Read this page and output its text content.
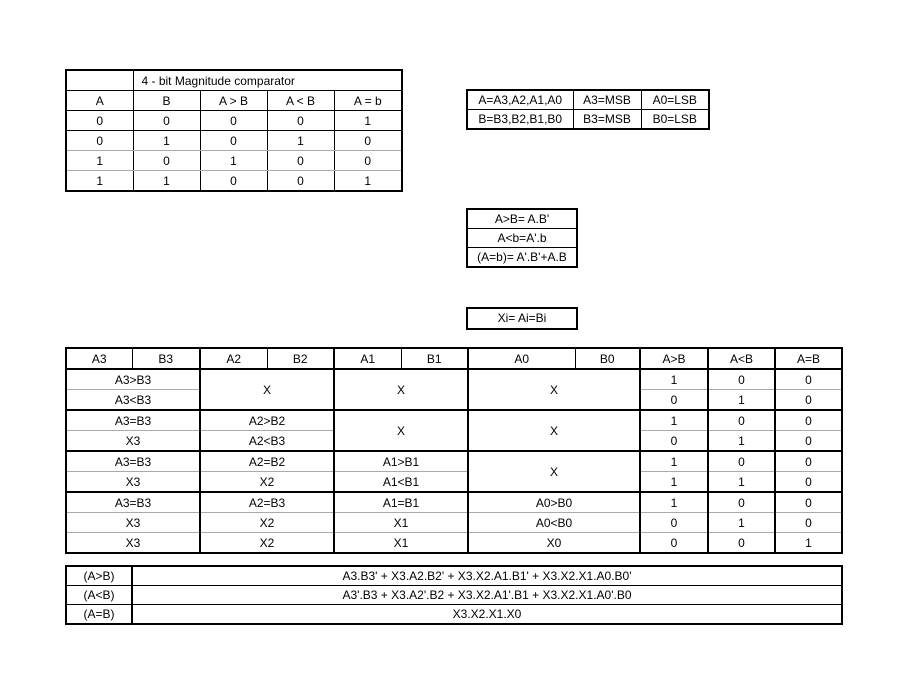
	4 - bit Magnitude comparator			
A	B	A > B	A < B	A = b
0	0	0	0	1
0	1	0	1	0
1	0	1	0	0
1	1	0	0	1
A=A3,A2,A1,A0	A3=MSB	A0=LSB
B=B3,B2,B1,B0	B3=MSB	B0=LSB
A>B= A.B'
A<b=A'.b
(A=b)= A'.B'+A.B
Xi= Ai=Bi
A3	B3	A2	B2	A1	B1	A0	B0	A>B	A<B	A=B
A3>B3		X		X		X		1	0	0
A3<B3								0	1	0
A3=B3		A2>B2		X		X		1	0	0
X3		A2<B3						0	1	0
A3=B3		A2=B2		A1>B1		X		1	0	0
X3		X2		A1<B1				1	1	0
A3=B3		A2=B3		A1=B1		A0>B0		1	0	0
X3		X2		X1		A0<B0		0	1	0
X3		X2		X1		X0		0	0	1
(A>B)	A3.B3' + X3.A2.B2' + X3.X2.A1.B1' + X3.X2.X1.A0.B0'
(A<B)	A3'.B3 + X3.A2'.B2 + X3.X2.A1'.B1 + X3.X2.X1.A0'.B0
(A=B)	X3.X2.X1.X0
